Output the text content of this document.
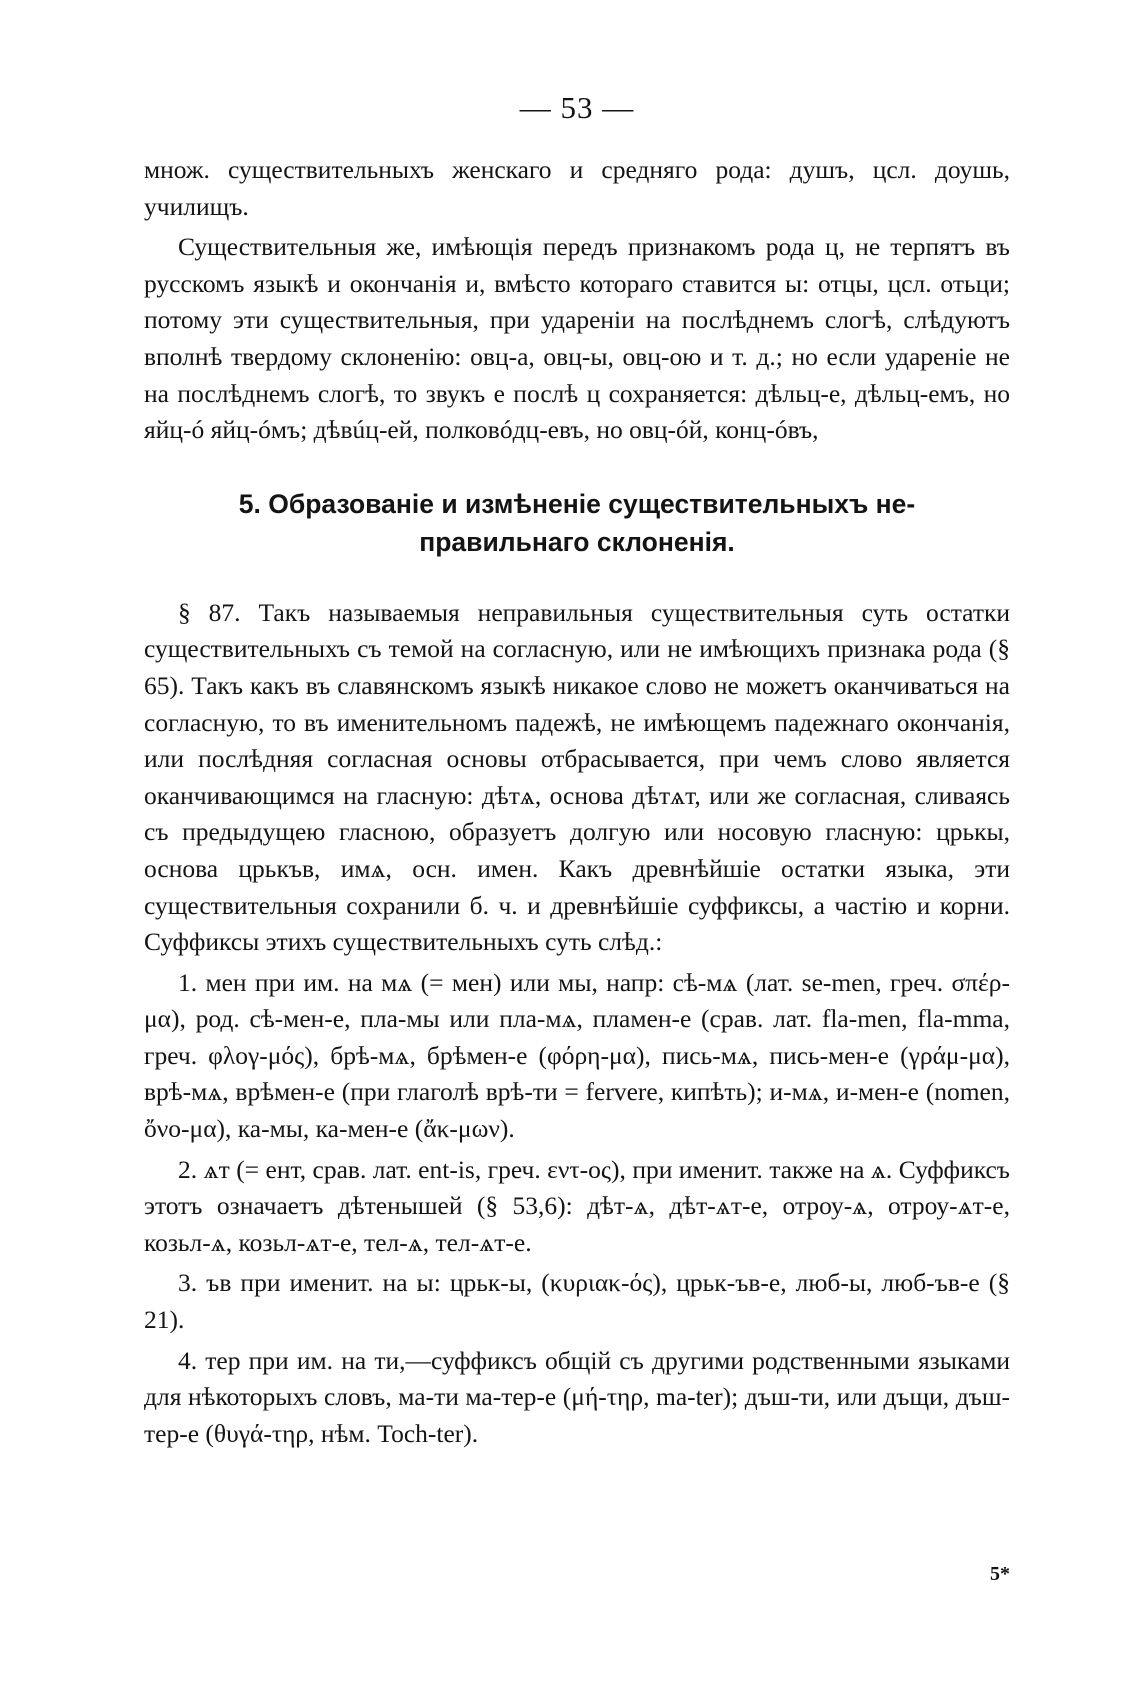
— 53 —

множ. существительныхъ женскаго и средняго рода: душъ, цсл. доушь, училищъ.

Существительныя же, имѣющія передъ признакомъ рода ц, не терпятъ въ русскомъ языкѣ и окончанія и, вмѣсто котораго ставится ы: отцы, цсл. отьци; потому эти существительныя, при удареніи на послѣднемъ слогѣ, слѣдуютъ вполнѣ твердому склоненію: овц-а, овц-ы, овц-ою и т. д.; но если удареніе не на послѣднемъ слогѣ, то звукъ е послѣ ц сохраняется: дѣльц-е, дѣльц-емъ, но яйц-ó яйц-óмъ; дѣвúц-ей, полковóдц-евъ, но овц-óй, конц-óвъ,

5. Образованіе и измѣненіе существительныхъ не-
правильнаго склоненія.

§ 87. Такъ называемыя неправильныя существительныя суть остатки существительныхъ съ темой на согласную, или не имѣющихъ признака рода (§ 65). Такъ какъ въ славянскомъ языкѣ никакое слово не можетъ оканчиваться на согласную, то въ именительномъ падежѣ, не имѣющемъ падежнаго окончанія, или послѣдняя согласная основы отбрасывается, при чемъ слово является оканчивающимся на гласную: дѣтѧ, основа дѣтѧт, или же согласная, сливаясь съ предыдущею гласною, образуетъ долгую или носовую гласную: црькы, основа црькъв, имѧ, осн. имен. Какъ древнѣйшіе остатки языка, эти существительныя сохранили б. ч. и древнѣйшіе суффиксы, а частію и корни. Суффиксы этихъ существительныхъ суть слѣд.:

1. мен при им. на мѧ (= мен) или мы, напр: сѣ-мѧ (лат. se-men, греч. σπέρ-μα), род. сѣ-мен-е, пла-мы или пла-мѧ, пламен-е (срав. лат. fla-men, fla-mma, греч. φλογ-μός), брѣ-мѧ, брѣмен-е (φόρη-μα), пись-мѧ, пись-мен-е (γράμ-μα), врѣ-мѧ, врѣмен-е (при глаголѣ врѣ-ти = fervere, кипѣть); и-мѧ, и-мен-е (nomen, ὄνο-μα), ка-мы, ка-мен-е (ἄκ-μων).

2. ѧт (= ент, срав. лат. ent-is, греч. εντ-ος), при именит. также на ѧ. Суффиксъ этотъ означаетъ дѣтенышей (§ 53,6): дѣт-ѧ, дѣт-ѧт-е, отроу-ѧ, отроу-ѧт-е, козьл-ѧ, козьл-ѧт-е, тел-ѧ, тел-ѧт-е.

3. ъв при именит. на ы: црьк-ы, (κυριακ-ός), црьк-ъв-е, люб-ы, люб-ъв-е (§ 21).

4. тер при им. на ти,—суффиксъ общій съ другими родственными языками для нѣкоторыхъ словъ, ма-ти ма-тер-е (μή-τηρ, ma-ter); дъш-ти, или дъщи, дъш-тер-е (θυγά-τηρ, нѣм. Toch-ter).

5*
